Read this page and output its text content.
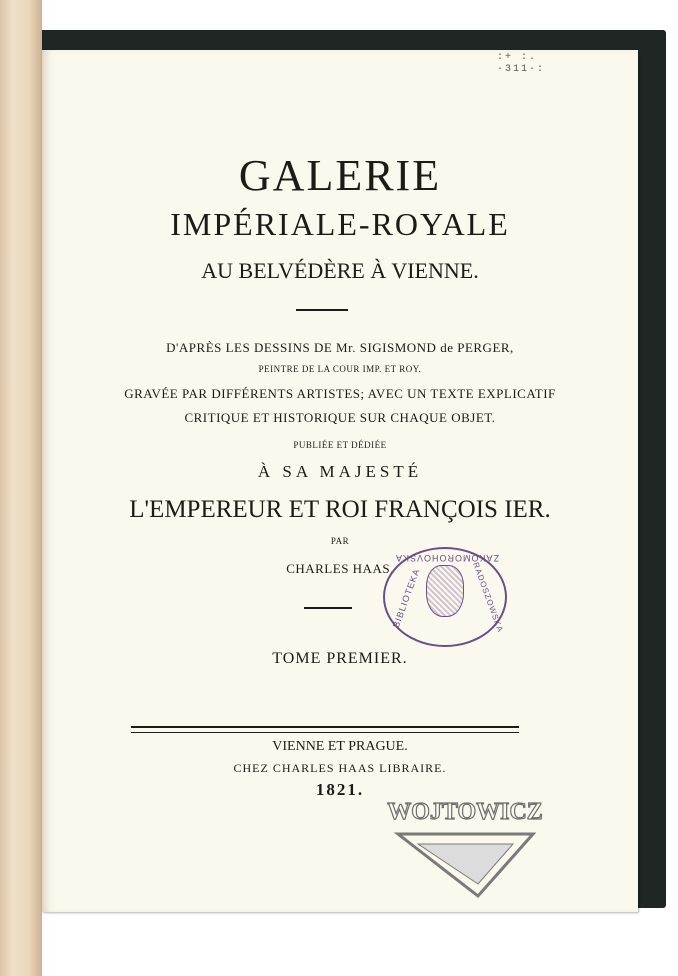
:+ :. ·311·:
GALERIE
IMPÉRIALE-ROYALE
AU BELVÉDÈRE À VIENNE.
D'APRÈS LES DESSINS DE Mr. SIGISMOND de PERGER,
PEINTRE DE LA COUR IMP. ET ROY.
GRAVÉE PAR DIFFÉRENTS ARTISTES; AVEC UN TEXTE EXPLICATIF
CRITIQUE ET HISTORIQUE SUR CHAQUE OBJET.
PUBLIÉE ET DÉDIÉE
À SA MAJESTÉ
L'EMPEREUR ET ROI FRANÇOIS IER.
PAR
CHARLES HAAS.
TOME PREMIER.
VIENNE ET PRAGUE.
CHEZ CHARLES HAAS LIBRAIRE.
1821.
ZAKOMOROHOVSKA
BIBLIOTEKA	RADOSZOWSKA
WOJTOWICZ
